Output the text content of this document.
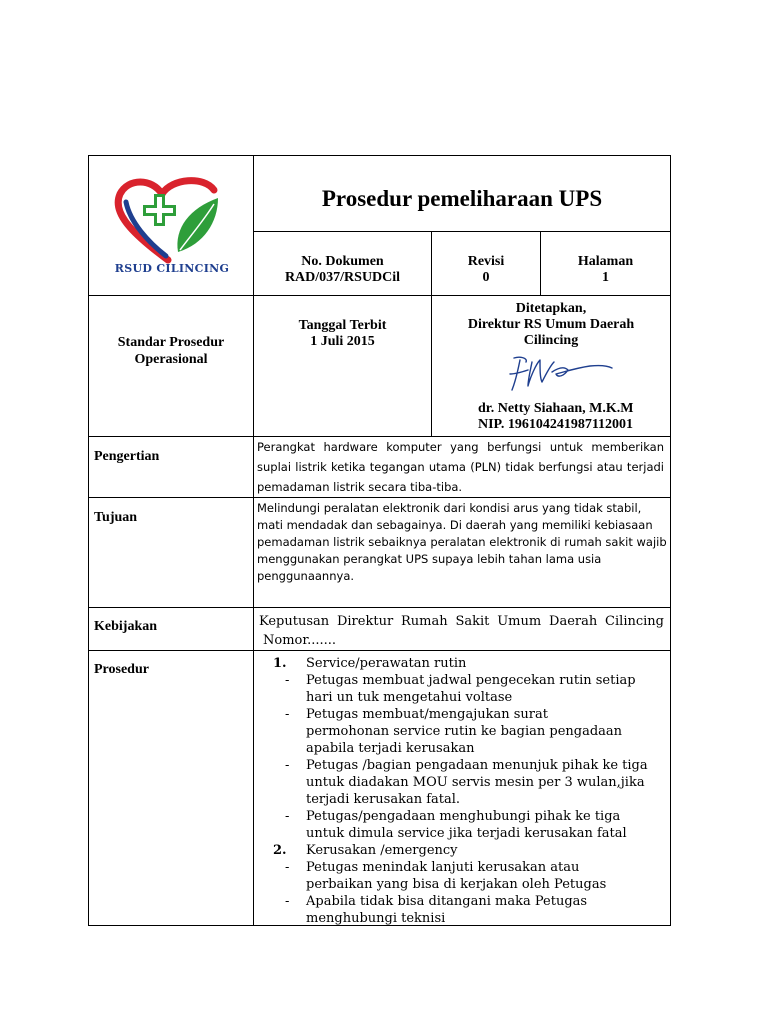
RSUD CILINCING
Prosedur pemeliharaan UPS
No. Dokumen
RAD/037/RSUDCil
Revisi
0
Halaman
1
Standar Prosedur
Operasional
Tanggal Terbit
1 Juli 2015
Ditetapkan,
Direktur RS Umum Daerah
Cilincing
dr. Netty Siahaan, M.K.M
NIP. 196104241987112001
Pengertian
Perangkat hardware komputer yang berfungsi untuk memberikan
suplai listrik ketika tegangan utama (PLN) tidak berfungsi atau terjadi
pemadaman listrik secara tiba-tiba.
Tujuan
Melindungi peralatan elektronik dari kondisi arus yang tidak stabil,
mati mendadak dan sebagainya. Di daerah yang memiliki kebiasaan
pemadaman listrik sebaiknya peralatan elektronik di rumah sakit wajib
menggunakan perangkat UPS supaya lebih tahan lama usia
penggunaannya.
Kebijakan	Keputusan Direktur Rumah Sakit Umum Daerah Cilincing
Nomor.......
Prosedur	1. Service/perawatan rutin
- Petugas membuat jadwal pengecekan rutin setiap hari un tuk mengetahui voltase
- Petugas membuat/mengajukan surat permohonan service rutin ke bagian pengadaan apabila terjadi kerusakan
- Petugas /bagian pengadaan menunjuk pihak ke tiga untuk diadakan MOU servis mesin per 3 wulan,jika terjadi kerusakan fatal.
- Petugas/pengadaan menghubungi pihak ke tiga untuk dimula service jika terjadi kerusakan fatal
2. Kerusakan /emergency
- Petugas menindak lanjuti kerusakan atau perbaikan yang bisa di kerjakan oleh Petugas
- Apabila tidak bisa ditangani maka Petugas menghubungi teknisi
